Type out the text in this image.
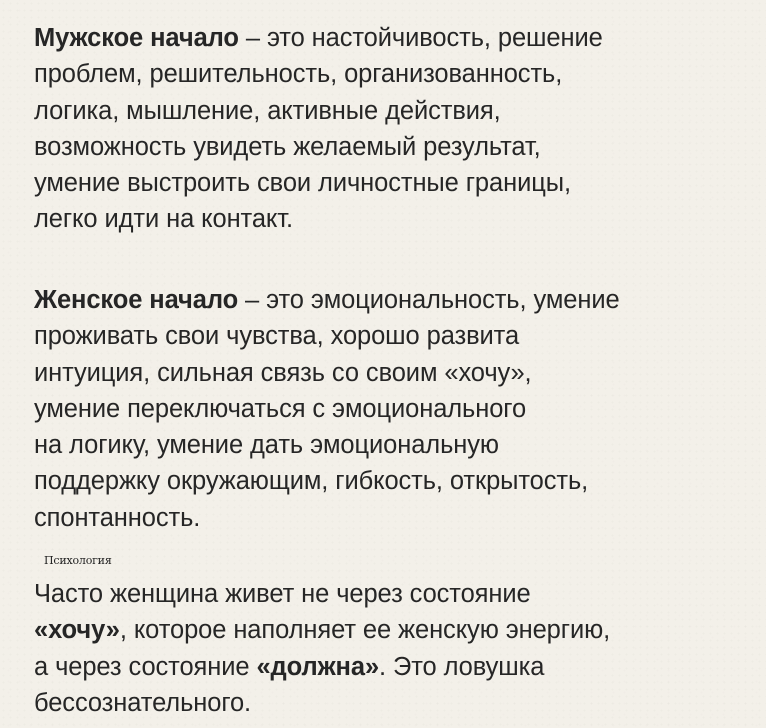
Мужское начало – это настойчивость, решение
проблем, решительность, организованность,
логика, мышление, активные действия,
возможность увидеть желаемый результат,
умение выстроить свои личностные границы,
легко идти на контакт.

Женское начало – это эмоциональность, умение
проживать свои чувства, хорошо развита
интуиция, сильная связь со своим «хочу»,
умение переключаться с эмоционального
на логику, умение дать эмоциональную
поддержку окружающим, гибкость, открытость,
спонтанность.

Психология

Часто женщина живет не через состояние
«хочу», которое наполняет ее женскую энергию,
а через состояние «должна». Это ловушка
бессознательного.
